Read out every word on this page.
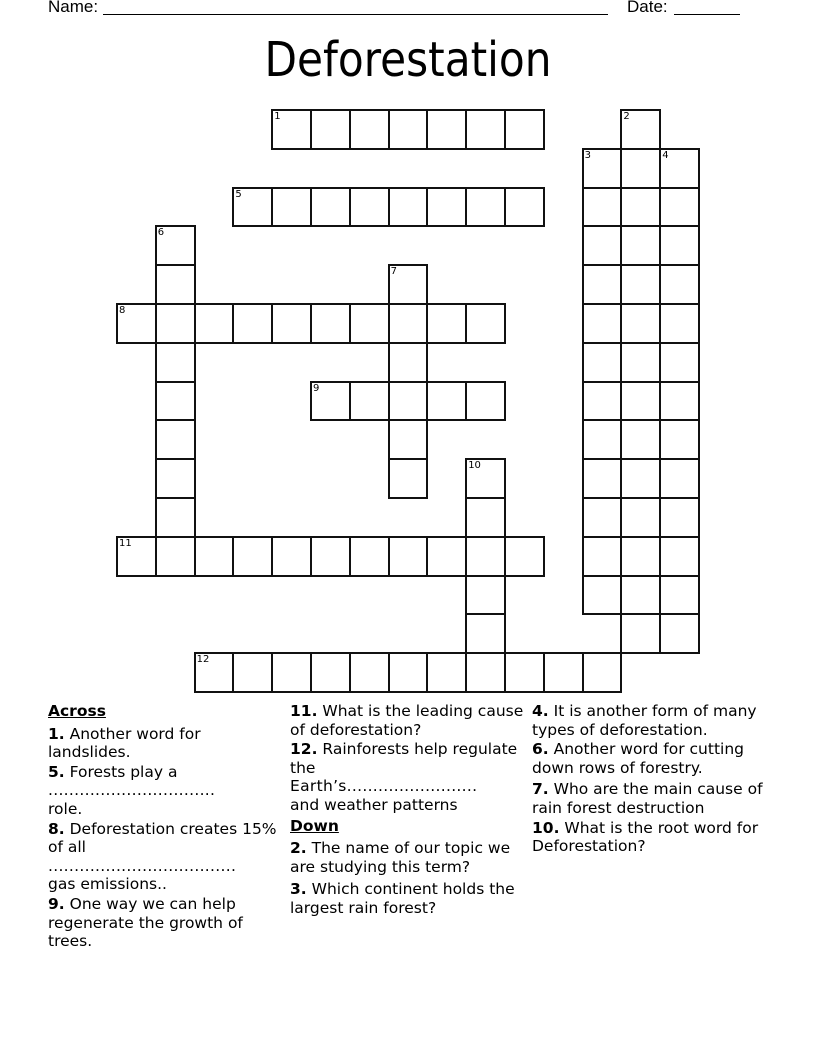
Name:	Date:
Deforestation
1	2
3	4
5
6
7
8
9
10
11
12
Across
1. Another word for landslides.
5. Forests play a
................................
role.
8. Deforestation creates 15% of all
....................................
gas emissions..
9. One way we can help regenerate the growth of trees.
11. What is the leading cause of deforestation?
12. Rainforests help regulate the
Earth’s.........................
and weather patterns
Down
2. The name of our topic we are studying this term?
3. Which continent holds the largest rain forest?
4. It is another form of many types of deforestation.
6. Another word for cutting down rows of forestry.
7. Who are the main cause of rain forest destruction
10. What is the root word for Deforestation?
